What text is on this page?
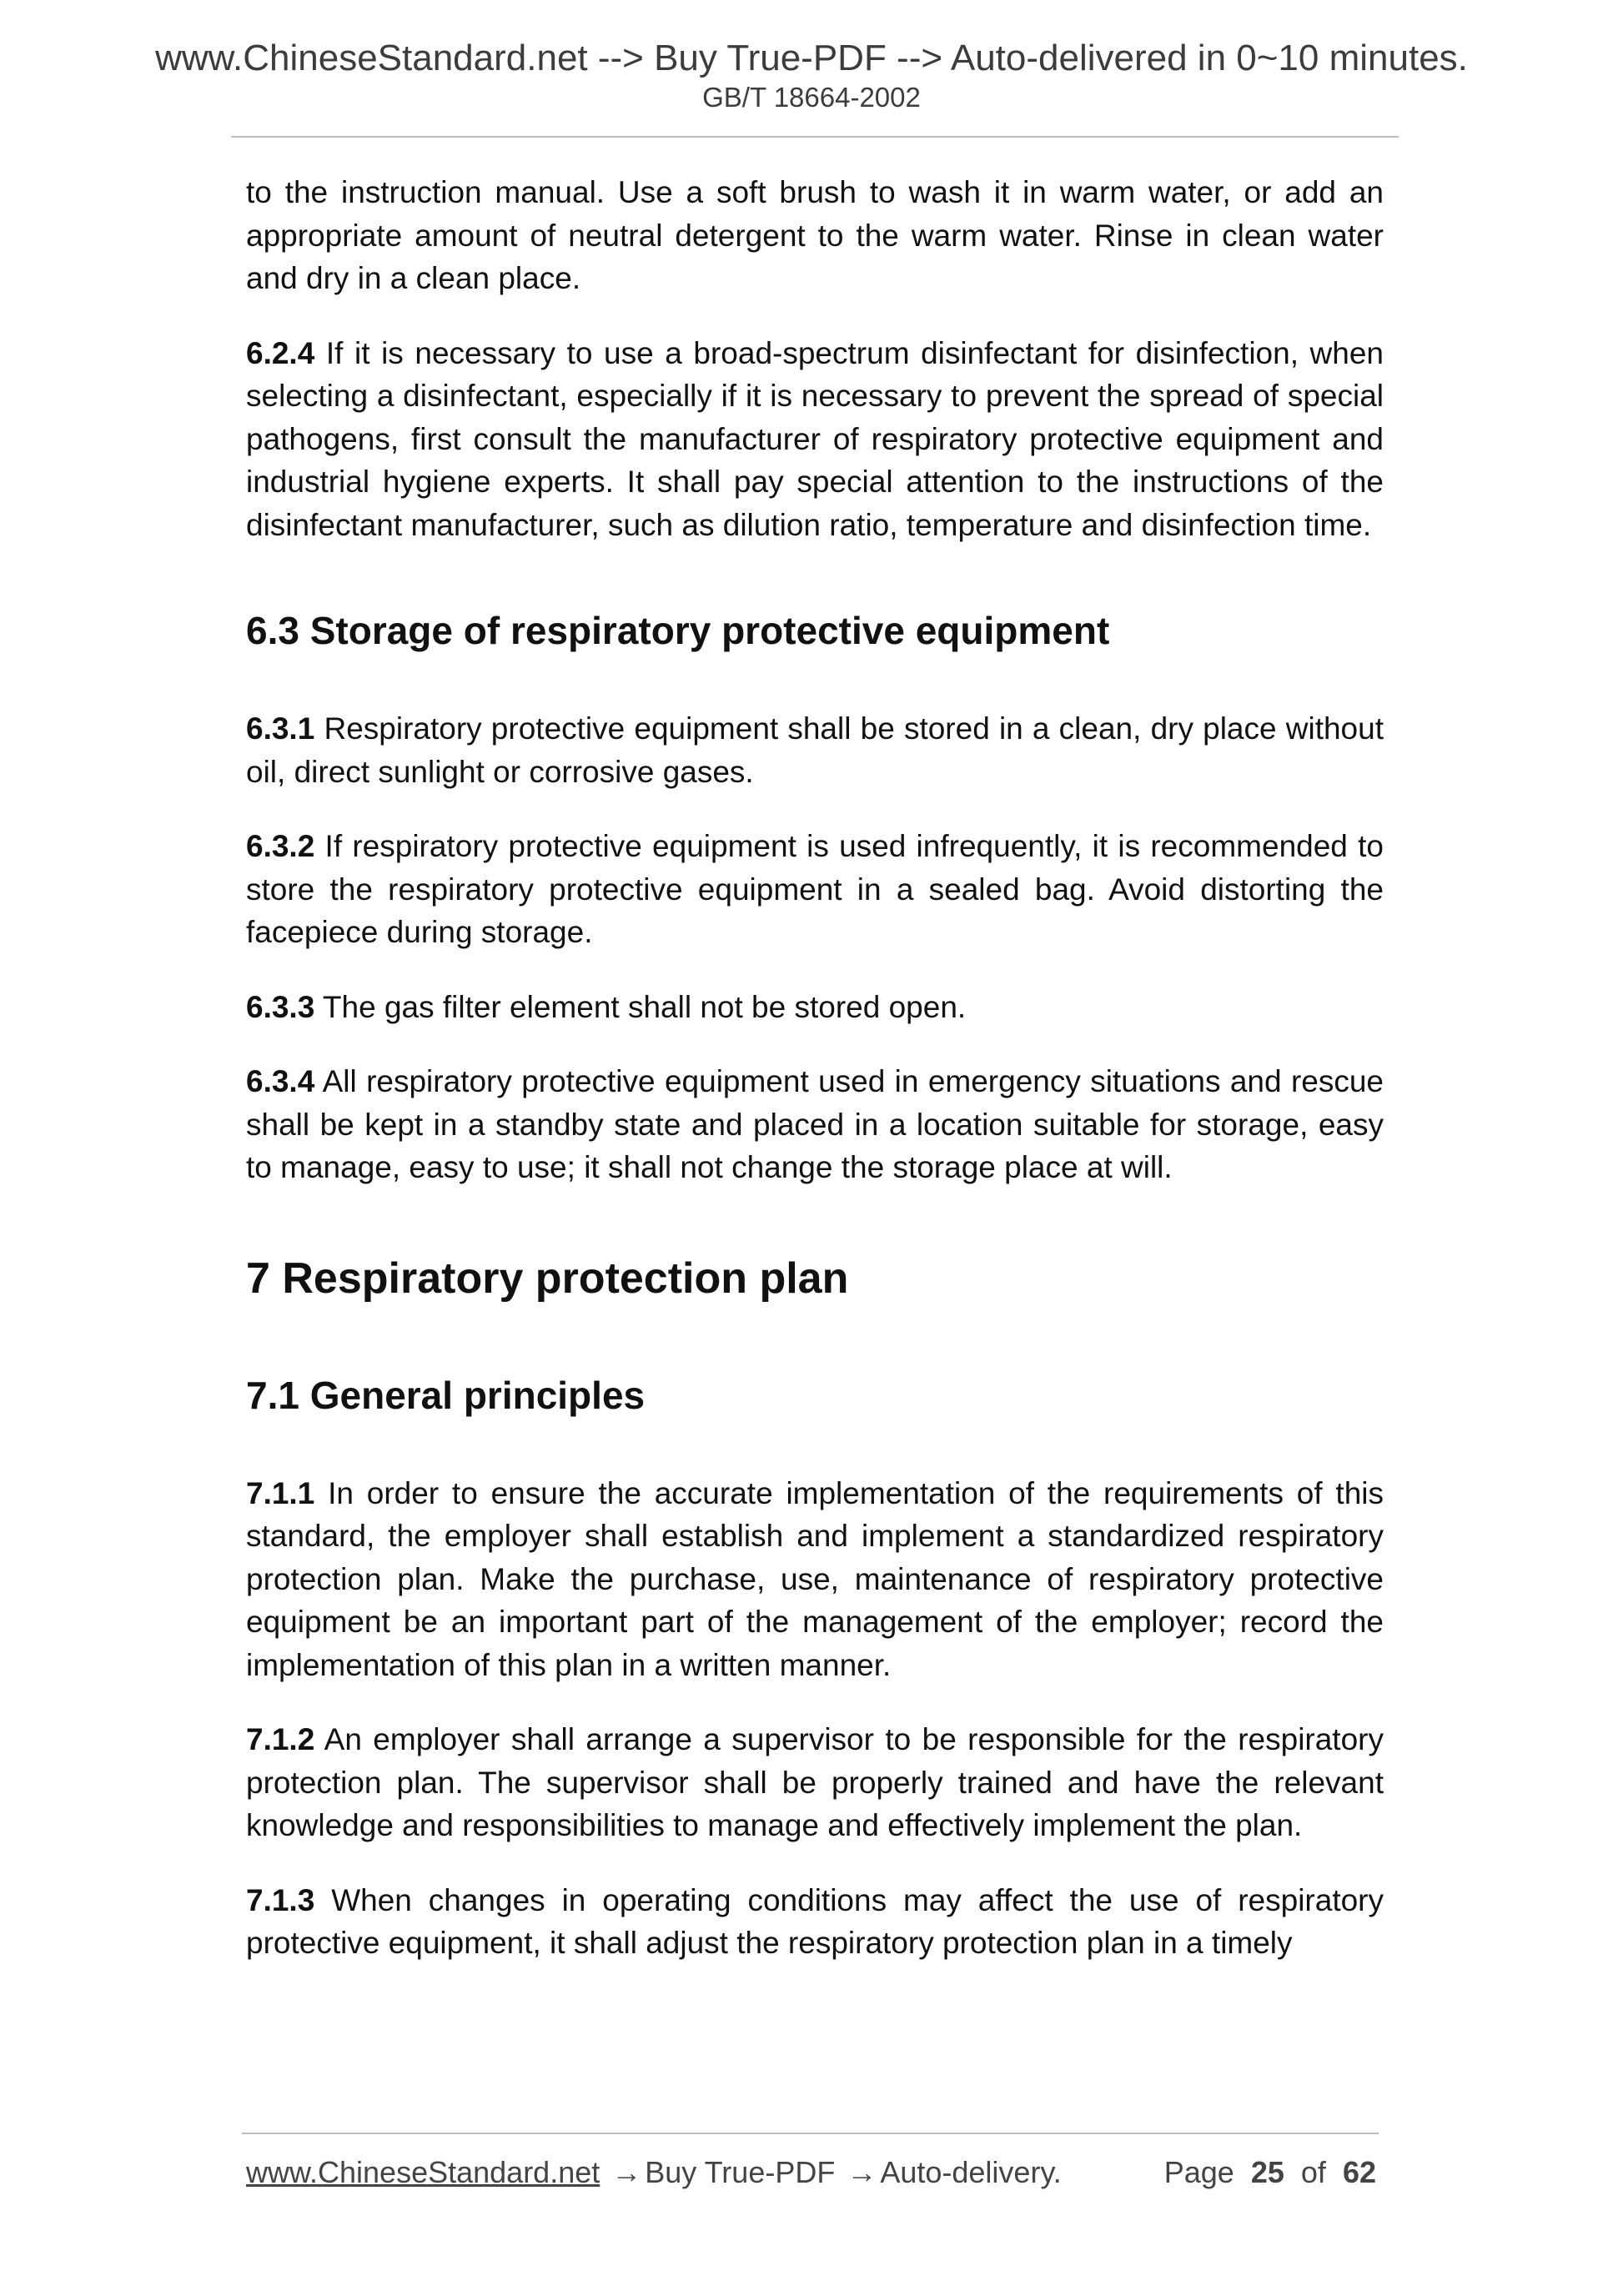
www.ChineseStandard.net --> Buy True-PDF --> Auto-delivered in 0~10 minutes.
GB/T 18664-2002

to the instruction manual. Use a soft brush to wash it in warm water, or add an appropriate amount of neutral detergent to the warm water. Rinse in clean water and dry in a clean place.

6.2.4 If it is necessary to use a broad-spectrum disinfectant for disinfection, when selecting a disinfectant, especially if it is necessary to prevent the spread of special pathogens, first consult the manufacturer of respiratory protective equipment and industrial hygiene experts. It shall pay special attention to the instructions of the disinfectant manufacturer, such as dilution ratio, temperature and disinfection time.

6.3 Storage of respiratory protective equipment

6.3.1 Respiratory protective equipment shall be stored in a clean, dry place without oil, direct sunlight or corrosive gases.

6.3.2 If respiratory protective equipment is used infrequently, it is recommended to store the respiratory protective equipment in a sealed bag. Avoid distorting the facepiece during storage.

6.3.3 The gas filter element shall not be stored open.

6.3.4 All respiratory protective equipment used in emergency situations and rescue shall be kept in a standby state and placed in a location suitable for storage, easy to manage, easy to use; it shall not change the storage place at will.

7 Respiratory protection plan
7.1 General principles

7.1.1 In order to ensure the accurate implementation of the requirements of this standard, the employer shall establish and implement a standardized respiratory protection plan. Make the purchase, use, maintenance of respiratory protective equipment be an important part of the management of the employer; record the implementation of this plan in a written manner.

7.1.2 An employer shall arrange a supervisor to be responsible for the respiratory protection plan. The supervisor shall be properly trained and have the relevant knowledge and responsibilities to manage and effectively implement the plan.

7.1.3 When changes in operating conditions may affect the use of respiratory protective equipment, it shall adjust the respiratory protection plan in a timely

www.ChineseStandard.net → Buy True-PDF → Auto-delivery.	Page 25 of 62
